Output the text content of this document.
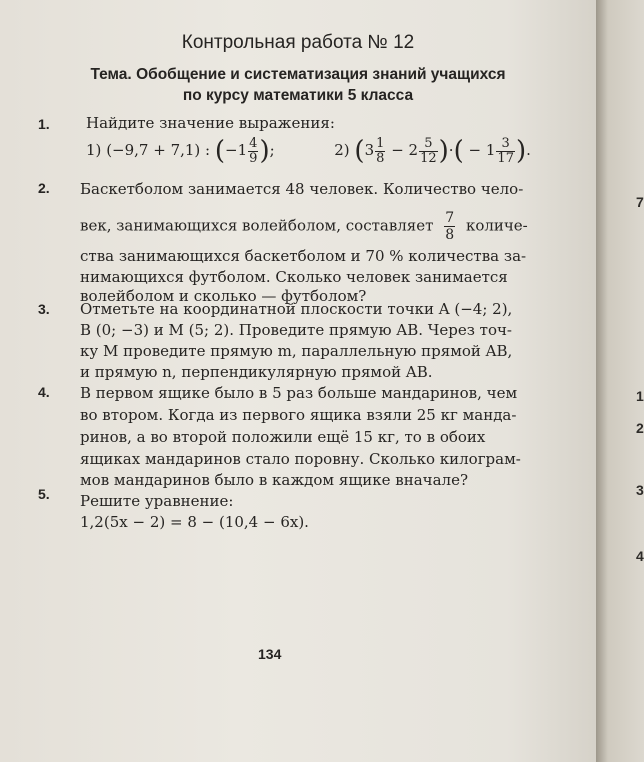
Контрольная работа № 12
Тема. Обобщение и систематизация знаний учащихся
по курсу математики 5 класса
1. Найдите значение выражения:
1) (−9,7 + 7,1) : ($-1 \frac{4}{9}$ );	2) ($3 \frac{1}{8} - 2 \frac{5}{12}$ )·( − $1 \frac{3}{17}$ ).
2. Баскетболом занимается 48 человек. Количество чело-
век, занимающихся волейболом, составляет $\frac{7}{8}$ количе-
ства занимающихся баскетболом и 70 % количества за-
нимающихся футболом. Сколько человек занимается
волейболом и сколько — футболом?
3. Отметьте на координатной плоскости точки A (−4; 2),
B (0; −3) и M (5; 2). Проведите прямую AB. Через точ-
ку M проведите прямую m, параллельную прямой AB,
и прямую n, перпендикулярную прямой AB.
4. В первом ящике было в 5 раз больше мандаринов, чем
во втором. Когда из первого ящика взяли 25 кг манда-
ринов, а во второй положили ещё 15 кг, то в обоих
ящиках мандаринов стало поровну. Сколько килограм-
мов мандаринов было в каждом ящике вначале?
5. Решите уравнение:
1,2(5x − 2) = 8 − (10,4 − 6x).
134
7
1
2
3
4
